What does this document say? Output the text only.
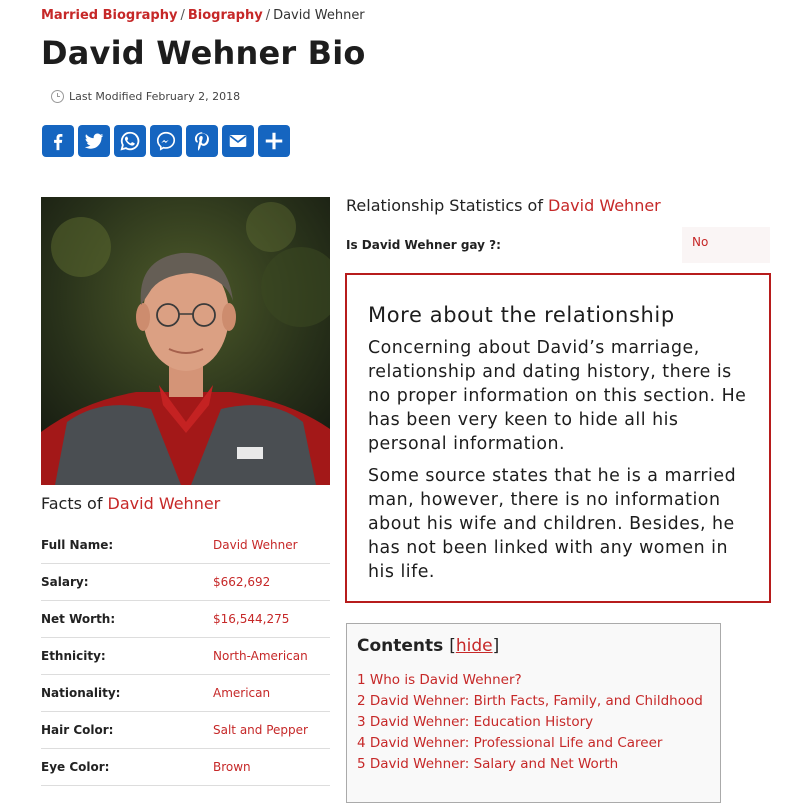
Married Biography / Biography / David Wehner
David Wehner Bio
Last Modified February 2, 2018
Facts of David Wehner
Full Name:	David Wehner
Salary:	$662,692
Net Worth:	$16,544,275
Ethnicity:	North-American
Nationality:	American
Hair Color:	Salt and Pepper
Eye Color:	Brown
Relationship Statistics of David Wehner
Is David Wehner gay ?:	No
More about the relationship

Concerning about David’s marriage, relationship and dating history, there is no proper information on this section. He has been very keen to hide all his personal information.

Some source states that he is a married man, however, there is no information about his wife and children. Besides, he has not been linked with any women in his life.

Contents [hide]
1 Who is David Wehner?
2 David Wehner: Birth Facts, Family, and Childhood
3 David Wehner: Education History
4 David Wehner: Professional Life and Career
5 David Wehner: Salary and Net Worth
